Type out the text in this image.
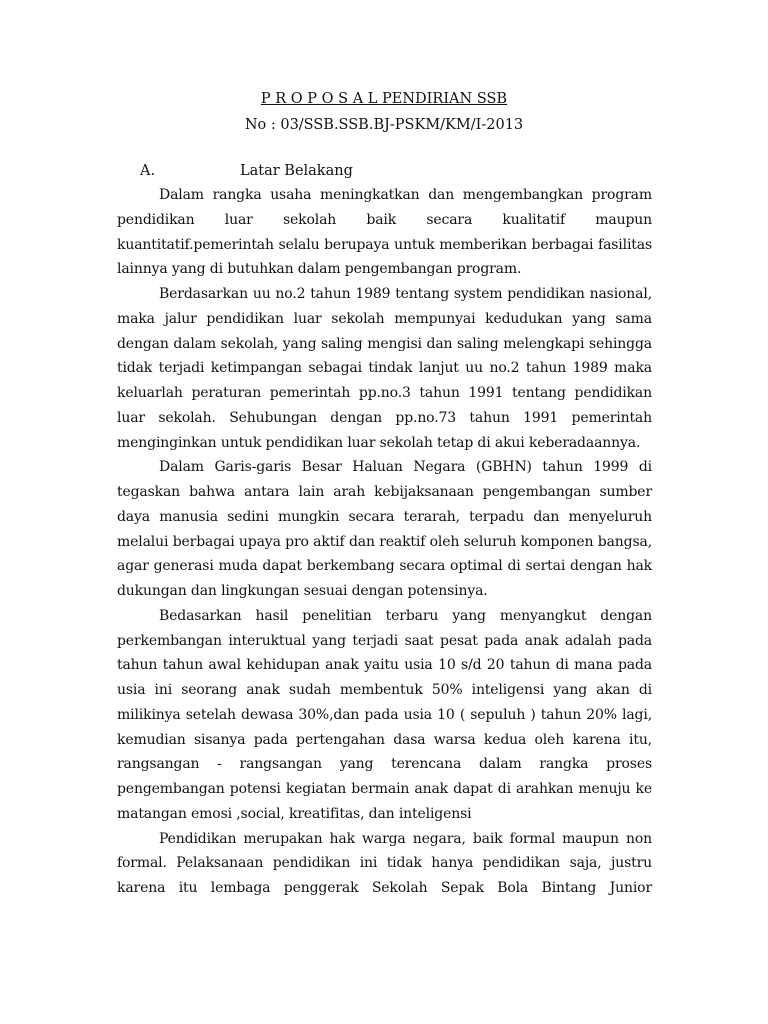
P R O P O S A L PENDIRIAN SSB
No : 03/SSB.SSB.BJ-PSKM/KM/I-2013
A.	Latar Belakang

Dalam rangka usaha meningkatkan dan mengembangkan program pendidikan luar sekolah baik secara kualitatif maupun kuantitatif.pemerintah selalu berupaya untuk memberikan berbagai fasilitas lainnya yang di butuhkan dalam pengembangan program.

Berdasarkan uu no.2 tahun 1989 tentang system pendidikan nasional, maka jalur pendidikan luar sekolah mempunyai kedudukan yang sama dengan dalam sekolah, yang saling mengisi dan saling melengkapi sehingga tidak terjadi ketimpangan sebagai tindak lanjut uu no.2 tahun 1989 maka keluarlah peraturan pemerintah pp.no.3 tahun 1991 tentang pendidikan luar sekolah. Sehubungan dengan pp.no.73 tahun 1991 pemerintah menginginkan untuk pendidikan luar sekolah tetap di akui keberadaannya.

Dalam Garis-garis Besar Haluan Negara (GBHN) tahun 1999 di tegaskan bahwa antara lain arah kebijaksanaan pengembangan sumber daya manusia sedini mungkin secara terarah, terpadu dan menyeluruh melalui berbagai upaya pro aktif dan reaktif oleh seluruh komponen bangsa, agar generasi muda dapat berkembang secara optimal di sertai dengan hak dukungan dan lingkungan sesuai dengan potensinya.

Bedasarkan hasil penelitian terbaru yang menyangkut dengan perkembangan interuktual yang terjadi saat pesat pada anak adalah pada tahun tahun awal kehidupan anak yaitu usia 10 s/d 20 tahun di mana pada usia ini seorang anak sudah membentuk 50% inteligensi yang akan di milikinya setelah dewasa 30%,dan pada usia 10 ( sepuluh ) tahun 20% lagi, kemudian sisanya pada pertengahan dasa warsa kedua oleh karena itu, rangsangan - rangsangan yang terencana dalam rangka proses pengembangan potensi kegiatan bermain anak dapat di arahkan menuju ke matangan emosi ,social, kreatifitas, dan inteligensi

Pendidikan merupakan hak warga negara, baik formal maupun non formal. Pelaksanaan pendidikan ini tidak hanya pendidikan saja, justru karena itu lembaga penggerak Sekolah Sepak Bola Bintang Junior
